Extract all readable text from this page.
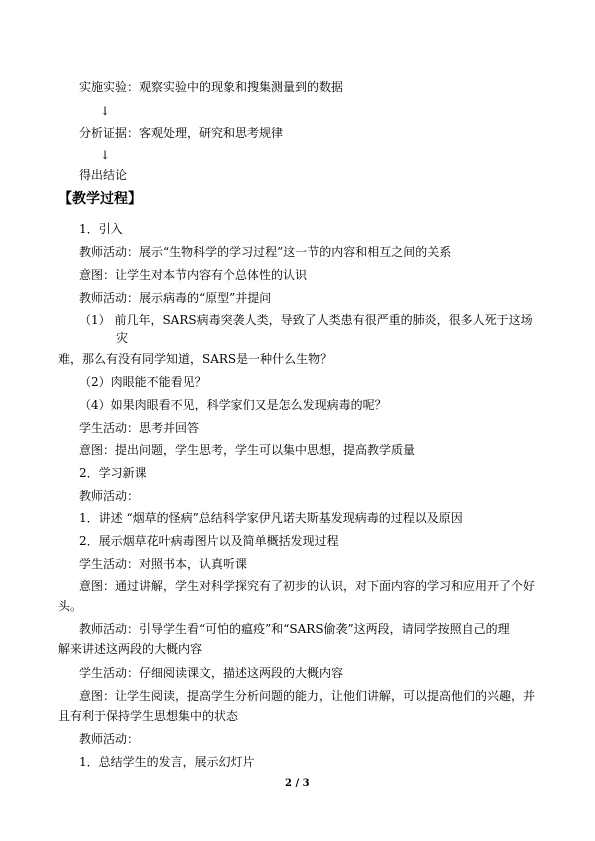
实施实验：观察实验中的现象和搜集测量到的数据
↓
分析证据：客观处理，研究和思考规律
↓
得出结论
【教学过程】
1．引入
教师活动：展示“生物科学的学习过程”这一节的内容和相互之间的关系
意图：让学生对本节内容有个总体性的认识
教师活动：展示病毒的“原型”并提问
（1） 前几年，SARS病毒突袭人类，导致了人类患有很严重的肺炎，很多人死于这场
灾
难，那么有没有同学知道，SARS是一种什么生物？
（2）肉眼能不能看见？
（4）如果肉眼看不见，科学家们又是怎么发现病毒的呢？
学生活动：思考并回答
意图：提出问题，学生思考，学生可以集中思想，提高教学质量
2．学习新课
教师活动：
1．讲述 “烟草的怪病”总结科学家伊凡诺夫斯基发现病毒的过程以及原因
2．展示烟草花叶病毒图片以及简单概括发现过程
学生活动：对照书本，认真听课
意图：通过讲解，学生对科学探究有了初步的认识，对下面内容的学习和应用开了个好
头。
教师活动：引导学生看“可怕的瘟疫”和“SARS偷袭”这两段，请同学按照自己的理
解来讲述这两段的大概内容
学生活动：仔细阅读课文，描述这两段的大概内容
意图：让学生阅读，提高学生分析问题的能力，让他们讲解，可以提高他们的兴趣，并
且有利于保持学生思想集中的状态
教师活动：
1．总结学生的发言，展示幻灯片
2 / 3
